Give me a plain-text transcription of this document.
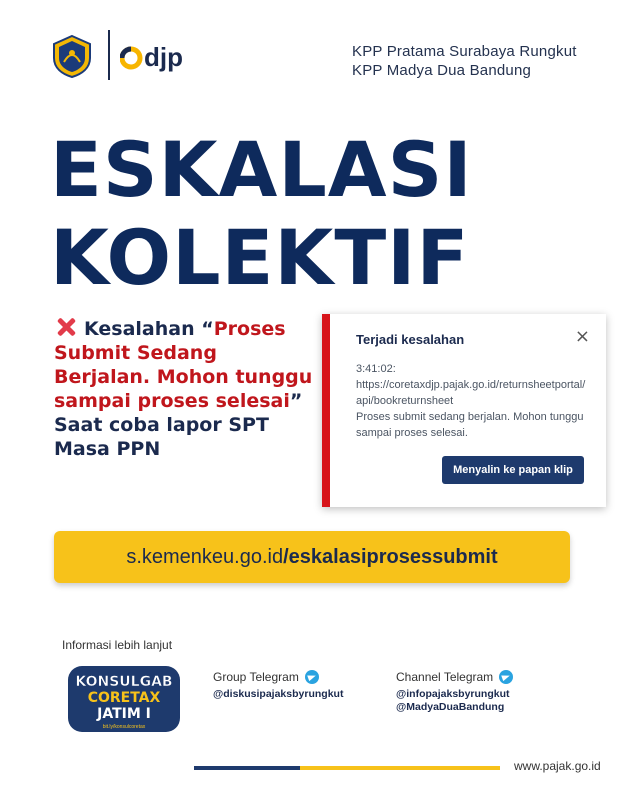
djp	KPP Pratama Surabaya Rungkut
KPP Madya Dua Bandung
ESKALASI
KOLEKTIF
Kesalahan “Proses Submit Sedang Berjalan. Mohon tunggu sampai proses selesai”
Saat coba lapor SPT Masa PPN
×
Terjadi kesalahan
3:41:02:
https://coretaxdjp.pajak.go.id/returnsheetportal/api/bookreturnsheet
Proses submit sedang berjalan. Mohon tunggu sampai proses selesai.
Menyalin ke papan klip
s.kemenkeu.go.id /eskalasiprosessubmit
Informasi lebih lanjut
KONSULGAB
CORETAX
JATIM I
bit.ly/konsulcoretax
Group Telegram
@diskusipajaksbyrungkut
Channel Telegram
@infopajaksbyrungkut
@MadyaDuaBandung
www.pajak.go.id
